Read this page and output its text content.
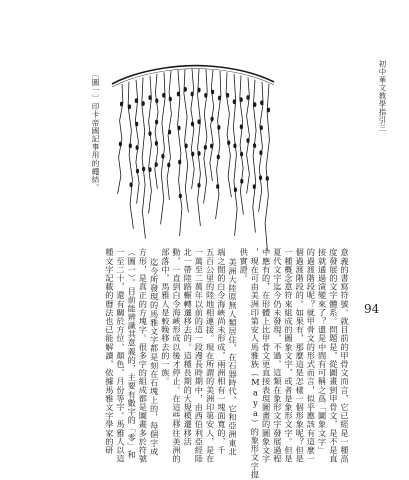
初中華文教學指引三
94
〔圖一〕印卡帝國記事用的繩結。
意義的書寫符號。就目前的甲骨文而言，它已經是一種高
度發展的文字體系。問題是，從圖畫到甲骨文，是不是直
接就通過演變來了？還是中間有可稱之爲「圖象文字」
的過渡階段呢？就甲骨文的形式而言，似乎應該有這麼一
個過渡階段的。如果有，那麼這是怎樣一個形象呢？但是
一種概念意符來組成的圖象文字，或者是象形文字。但是
夏代文字迄今仍未發現，不過，這類在象形文字發展過程
中應有的，在形體上比甲骨文更直接表現圖畫的圖象文字
，現在可由美洲印第安人馬雅族（Maya）的象形文字提
供實證。
美洲大陸原無人類居住，在石器時代，它和亞洲東北
端之間的白令海峽尚未形成，兩洲相有一塊面寬的，千
五百公里的陸地相連接。現在所謂的美洲印第安人，是在
一萬至二萬年以前的這一段漫長時期中，由西伯利亞經陸
北一帶陸路輾轉遷移去的。這種長期的大規模遷移活
動，一直到白令海峽形成以後才停止。在這些移往美洲的
部落中，馬雅人是較晚移去的一族。
迄今所發現的馬雅文字都是刻在石塊上的，每個字成
方形，是真正的方塊字。很多字的組成都是圖畫多於符號
（圖一）。目前能辨識其意義的，主要有數字的「零」和
一至二十，還有關於方位、顏色、月份等字。馬雅人以這
種文字記載的曆法也已能解讀，依據馬雅文字學家的研
